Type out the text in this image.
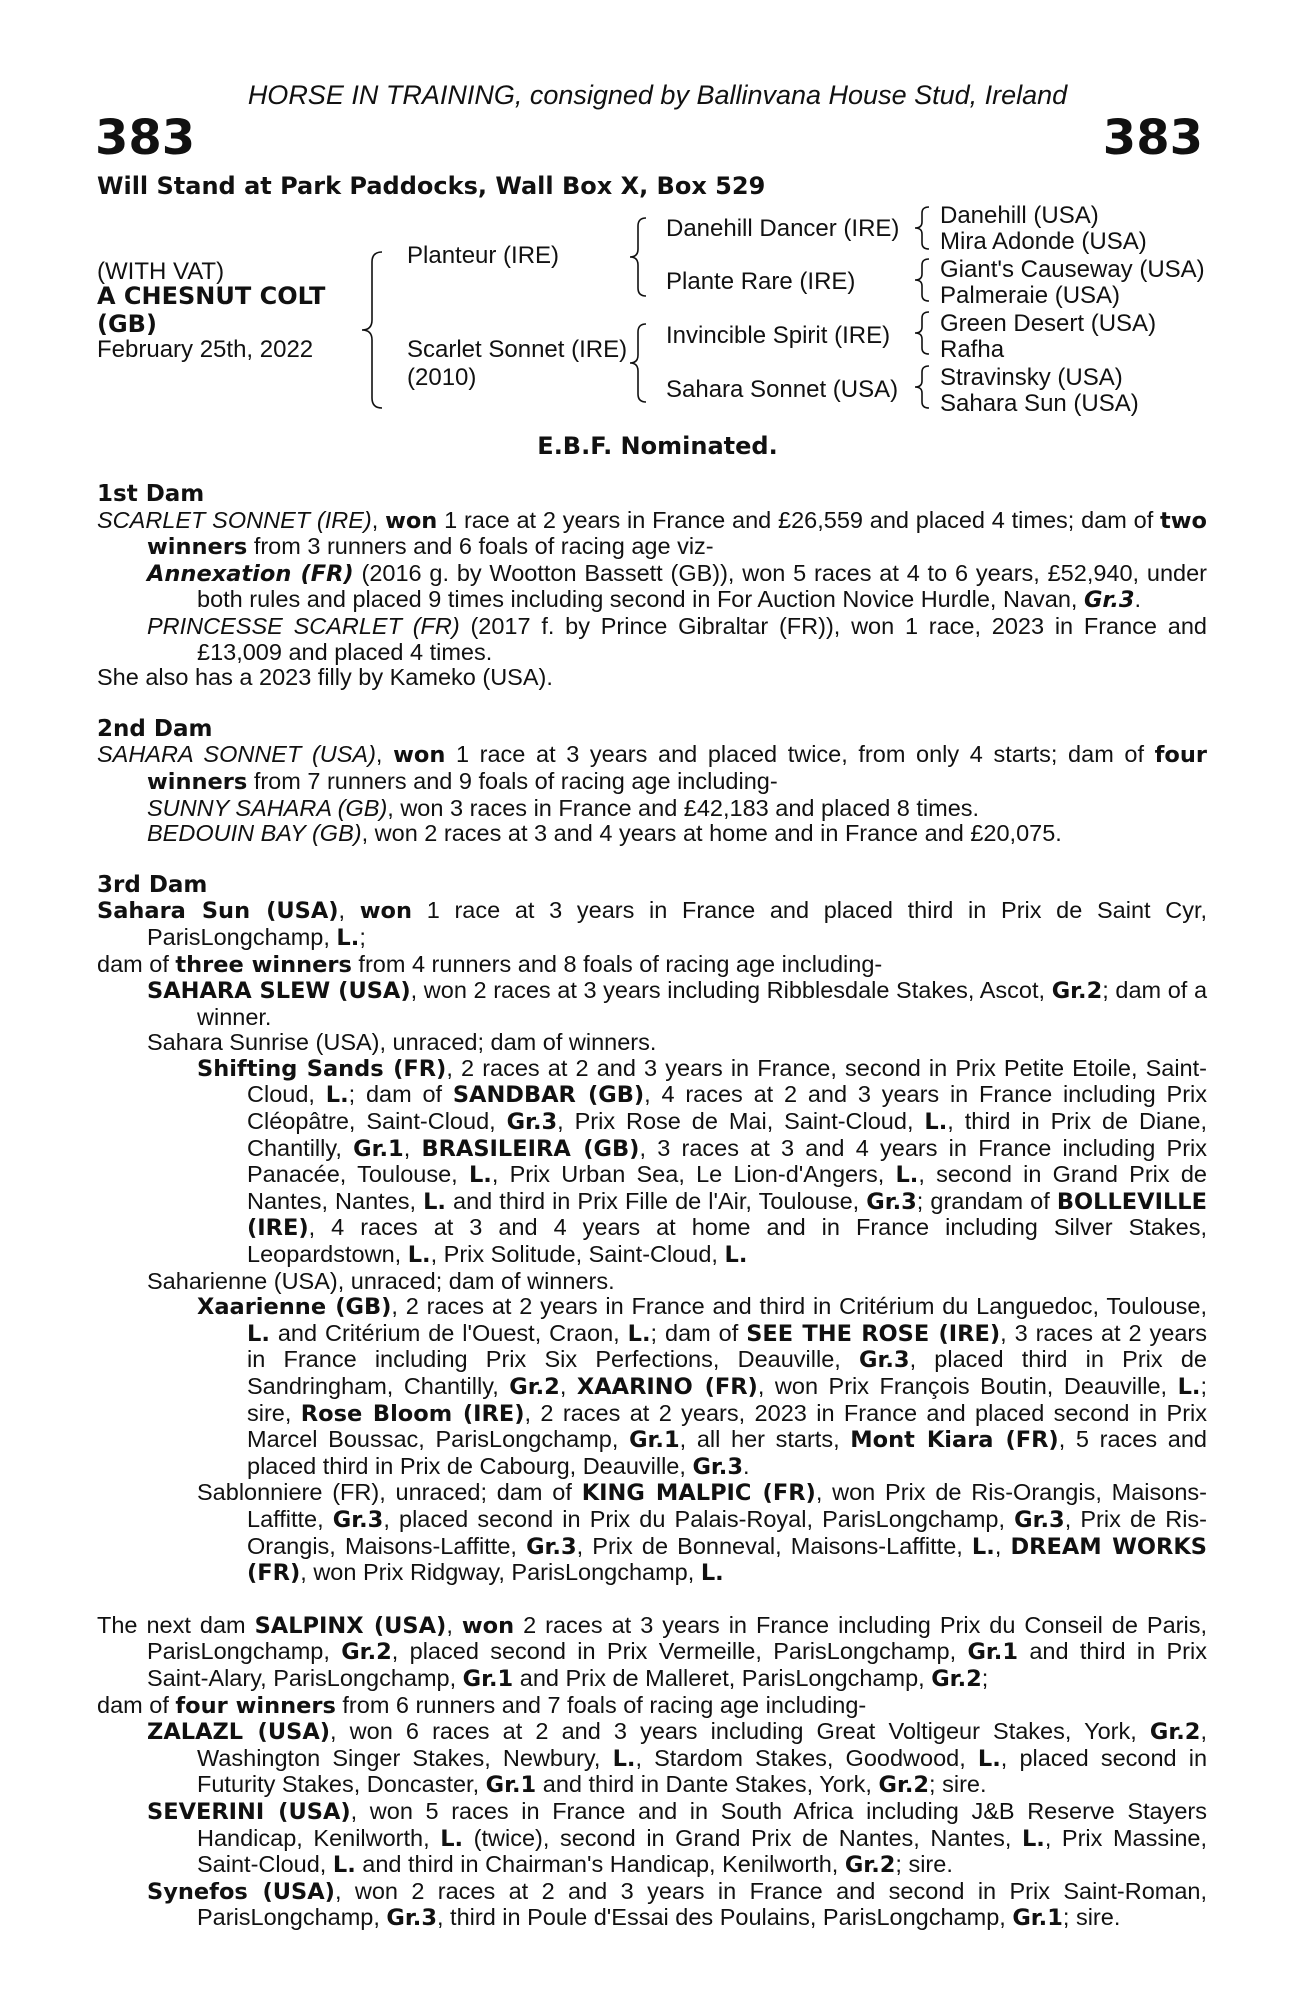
HORSE IN TRAINING, consigned by Ballinvana House Stud, Ireland
383	383
Will Stand at Park Paddocks, Wall Box X, Box 529
(WITH VAT)
A CHESNUT COLT
(GB)
February 25th, 2022
Planteur (IRE)
Scarlet Sonnet (IRE)
(2010)
Danehill Dancer (IRE)
Plante Rare (IRE)
Invincible Spirit (IRE)
Sahara Sonnet (USA)
Danehill (USA)
Mira Adonde (USA)
Giant's Causeway (USA)
Palmeraie (USA)
Green Desert (USA)
Rafha
Stravinsky (USA)
Sahara Sun (USA)
E.B.F. Nominated.
1st Dam
SCARLET SONNET (IRE), won 1 race at 2 years in France and £26,559 and placed 4 times; dam of two winners from 3 runners and 6 foals of racing age viz-
Annexation (FR) (2016 g. by Wootton Bassett (GB)), won 5 races at 4 to 6 years, £52,940, under both rules and placed 9 times including second in For Auction Novice Hurdle, Navan, Gr.3.
PRINCESSE SCARLET (FR) (2017 f. by Prince Gibraltar (FR)), won 1 race, 2023 in France and £13,009 and placed 4 times.
She also has a 2023 filly by Kameko (USA).
2nd Dam
SAHARA SONNET (USA), won 1 race at 3 years and placed twice, from only 4 starts; dam of four winners from 7 runners and 9 foals of racing age including-
SUNNY SAHARA (GB), won 3 races in France and £42,183 and placed 8 times.
BEDOUIN BAY (GB), won 2 races at 3 and 4 years at home and in France and £20,075.
3rd Dam
Sahara Sun (USA), won 1 race at 3 years in France and placed third in Prix de Saint Cyr, ParisLongchamp, L.;
dam of three winners from 4 runners and 8 foals of racing age including-
SAHARA SLEW (USA), won 2 races at 3 years including Ribblesdale Stakes, Ascot, Gr.2; dam of a winner.
Sahara Sunrise (USA), unraced; dam of winners.
Shifting Sands (FR), 2 races at 2 and 3 years in France, second in Prix Petite Etoile, Saint-Cloud, L.; dam of SANDBAR (GB), 4 races at 2 and 3 years in France including Prix Cléopâtre, Saint-Cloud, Gr.3, Prix Rose de Mai, Saint-Cloud, L., third in Prix de Diane, Chantilly, Gr.1, BRASILEIRA (GB), 3 races at 3 and 4 years in France including Prix Panacée, Toulouse, L., Prix Urban Sea, Le Lion-d'Angers, L., second in Grand Prix de Nantes, Nantes, L. and third in Prix Fille de l'Air, Toulouse, Gr.3; grandam of BOLLEVILLE (IRE), 4 races at 3 and 4 years at home and in France including Silver Stakes, Leopardstown, L., Prix Solitude, Saint-Cloud, L.
Saharienne (USA), unraced; dam of winners.
Xaarienne (GB), 2 races at 2 years in France and third in Critérium du Languedoc, Toulouse, L. and Critérium de l'Ouest, Craon, L.; dam of SEE THE ROSE (IRE), 3 races at 2 years in France including Prix Six Perfections, Deauville, Gr.3, placed third in Prix de Sandringham, Chantilly, Gr.2, XAARINO (FR), won Prix François Boutin, Deauville, L.; sire, Rose Bloom (IRE), 2 races at 2 years, 2023 in France and placed second in Prix Marcel Boussac, ParisLongchamp, Gr.1, all her starts, Mont Kiara (FR), 5 races and placed third in Prix de Cabourg, Deauville, Gr.3.
Sablonniere (FR), unraced; dam of KING MALPIC (FR), won Prix de Ris-Orangis, Maisons-Laffitte, Gr.3, placed second in Prix du Palais-Royal, ParisLongchamp, Gr.3, Prix de Ris-Orangis, Maisons-Laffitte, Gr.3, Prix de Bonneval, Maisons-Laffitte, L., DREAM WORKS (FR), won Prix Ridgway, ParisLongchamp, L.
The next dam SALPINX (USA), won 2 races at 3 years in France including Prix du Conseil de Paris, ParisLongchamp, Gr.2, placed second in Prix Vermeille, ParisLongchamp, Gr.1 and third in Prix Saint-Alary, ParisLongchamp, Gr.1 and Prix de Malleret, ParisLongchamp, Gr.2;
dam of four winners from 6 runners and 7 foals of racing age including-
ZALAZL (USA), won 6 races at 2 and 3 years including Great Voltigeur Stakes, York, Gr.2, Washington Singer Stakes, Newbury, L., Stardom Stakes, Goodwood, L., placed second in Futurity Stakes, Doncaster, Gr.1 and third in Dante Stakes, York, Gr.2; sire.
SEVERINI (USA), won 5 races in France and in South Africa including J&B Reserve Stayers Handicap, Kenilworth, L. (twice), second in Grand Prix de Nantes, Nantes, L., Prix Massine, Saint-Cloud, L. and third in Chairman's Handicap, Kenilworth, Gr.2; sire.
Synefos (USA), won 2 races at 2 and 3 years in France and second in Prix Saint-Roman, ParisLongchamp, Gr.3, third in Poule d'Essai des Poulains, ParisLongchamp, Gr.1; sire.
